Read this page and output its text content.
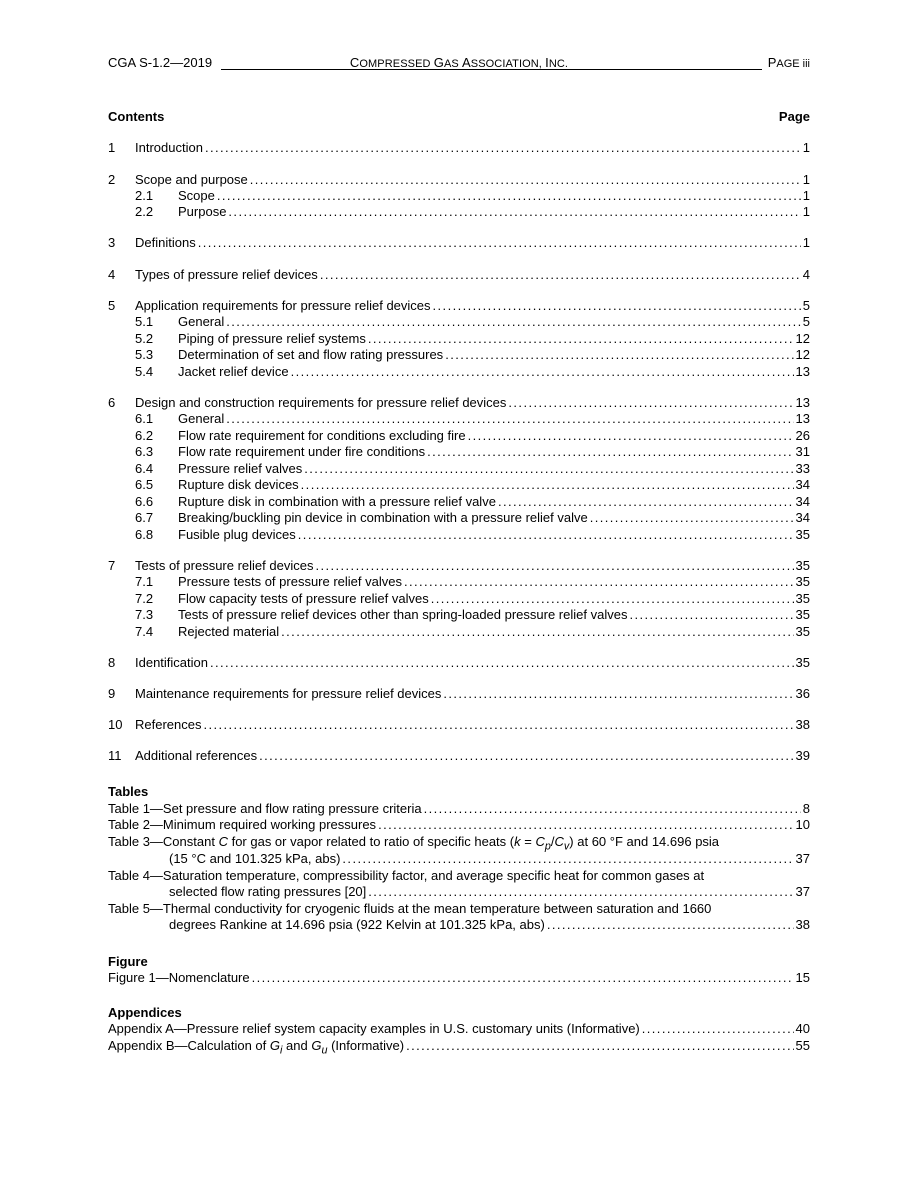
CGA S-1.2—2019	COMPRESSED GAS ASSOCIATION, INC.	PAGE iii
Contents	Page
1 Introduction .....	1
2 Scope and purpose .....	1
2.1 Scope .....	1
2.2 Purpose .....	1
3 Definitions .....	1
4 Types of pressure relief devices .....	4
5 Application requirements for pressure relief devices .....	5
5.1 General .....	5
5.2 Piping of pressure relief systems .....	12
5.3 Determination of set and flow rating pressures .....	12
5.4 Jacket relief device .....	13
6 Design and construction requirements for pressure relief devices .....	13
6.1 General .....	13
6.2 Flow rate requirement for conditions excluding fire .....	26
6.3 Flow rate requirement under fire conditions .....	31
6.4 Pressure relief valves .....	33
6.5 Rupture disk devices .....	34
6.6 Rupture disk in combination with a pressure relief valve .....	34
6.7 Breaking/buckling pin device in combination with a pressure relief valve .....	34
6.8 Fusible plug devices .....	35
7 Tests of pressure relief devices .....	35
7.1 Pressure tests of pressure relief valves .....	35
7.2 Flow capacity tests of pressure relief valves .....	35
7.3 Tests of pressure relief devices other than spring-loaded pressure relief valves .....	35
7.4 Rejected material .....	35
8 Identification .....	35
9 Maintenance requirements for pressure relief devices .....	36
10 References .....	38
11 Additional references .....	39
Tables
Table 1—Set pressure and flow rating pressure criteria .....	8
Table 2—Minimum required working pressures .....	10
Table 3—Constant C for gas or vapor related to ratio of specific heats $(k = C_p/C_v)$ at 60 °F and 14.696 psia
(15 °C and 101.325 kPa, abs) .....	37
Table 4—Saturation temperature, compressibility factor, and average specific heat for common gases at
selected flow rating pressures [20] .....	37
Table 5—Thermal conductivity for cryogenic fluids at the mean temperature between saturation and 1660
degrees Rankine at 14.696 psia (922 Kelvin at 101.325 kPa, abs) .....	38
Figure
Figure 1—Nomenclature .....	15
Appendices
Appendix A—Pressure relief system capacity examples in U.S. customary units (Informative) .....	40
Appendix B—Calculation of $G_i$ and $G_u$ (Informative) .....	55
